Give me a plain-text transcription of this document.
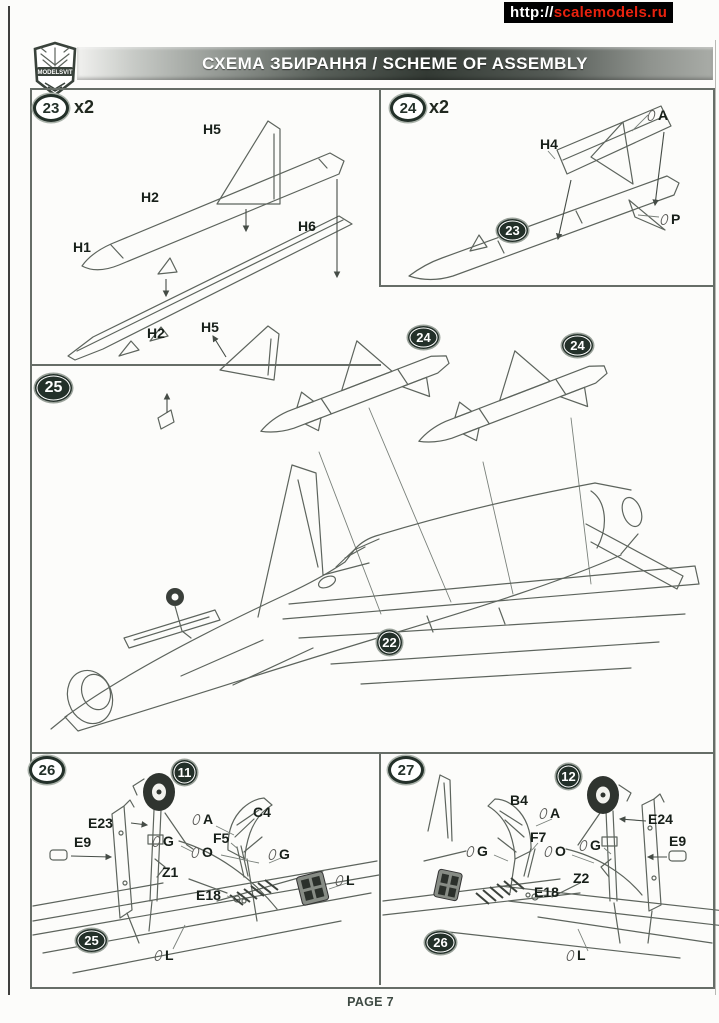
http:// scalemodels.ru
MODELSVIT
СХЕМА ЗБИРАННЯ / SCHEME OF ASSEMBLY
23 x2
H5
H2
H1
H6
H5
H2
24 x2
H4
A
P
23
25
24
24
22
26	11
E23
E9
A
G
C4
F5
O	G
Z1
E18
L
L
25
27	12
B4
A
F7
E24
E9
G	G
O
Z2
E18
L
26
PAGE 7
